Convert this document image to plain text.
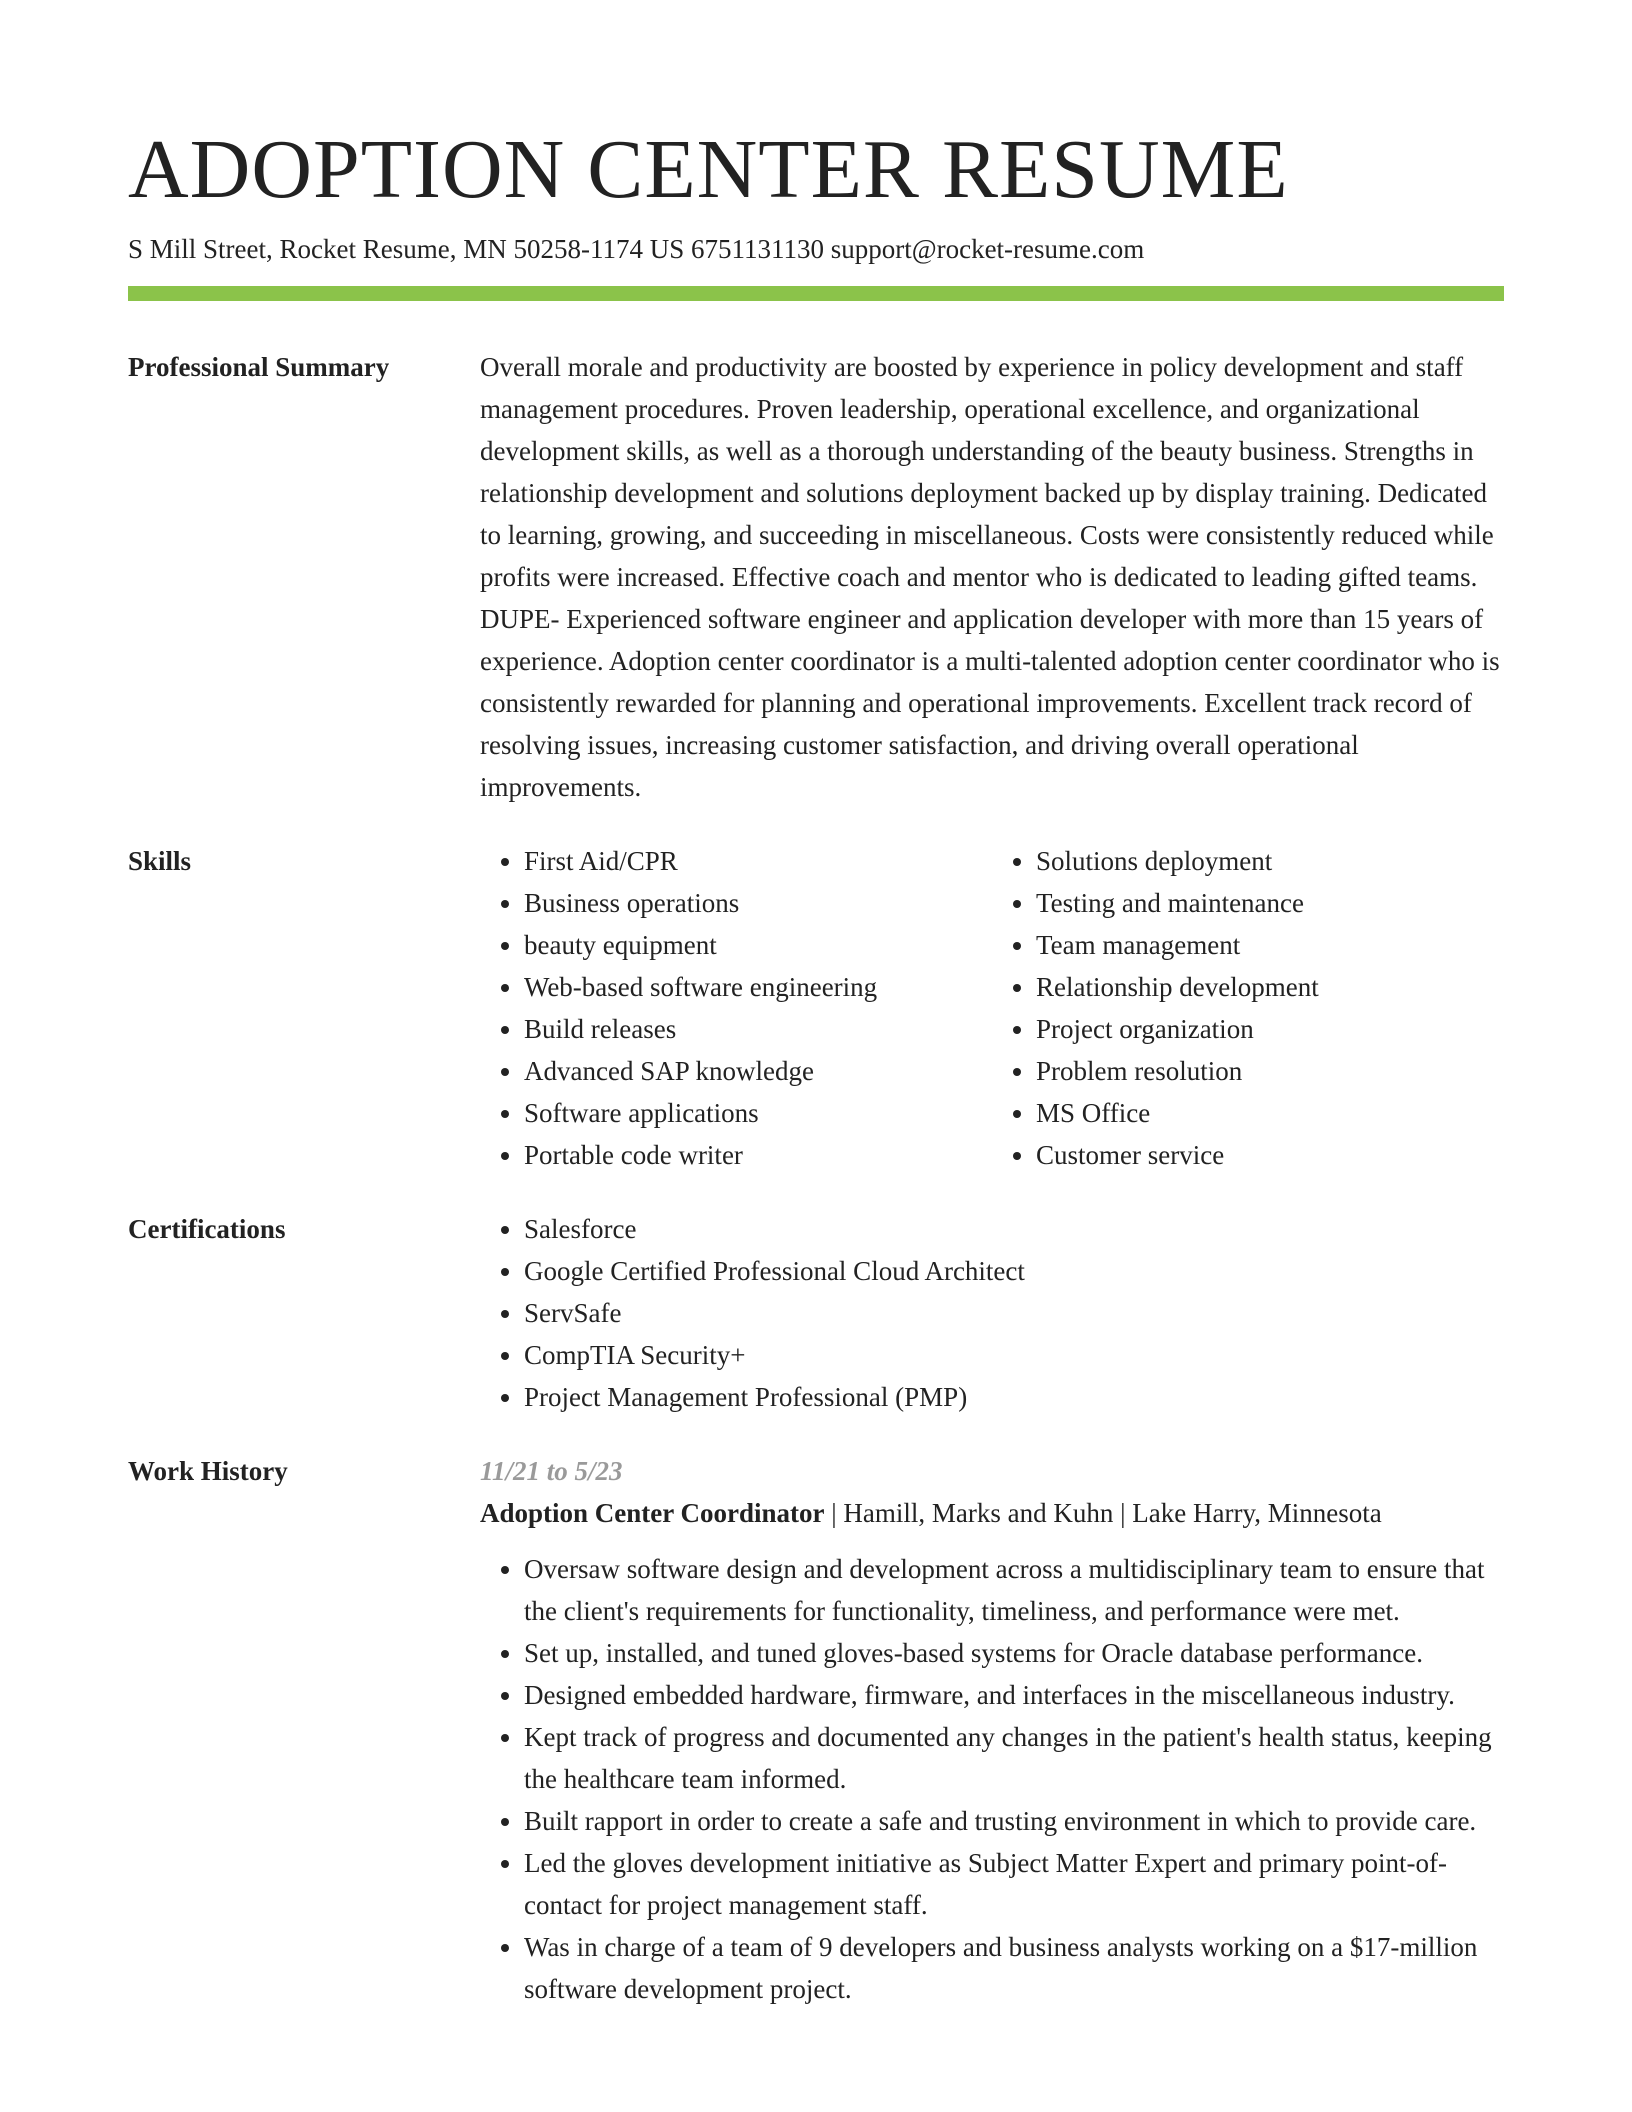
ADOPTION CENTER RESUME
S Mill Street, Rocket Resume, MN 50258-1174 US 6751131130 support@rocket-resume.com
Professional Summary	Overall morale and productivity are boosted by experience in policy development and staff management procedures. Proven leadership, operational excellence, and organizational development skills, as well as a thorough understanding of the beauty business. Strengths in relationship development and solutions deployment backed up by display training. Dedicated to learning, growing, and succeeding in miscellaneous. Costs were consistently reduced while profits were increased. Effective coach and mentor who is dedicated to leading gifted teams. DUPE- Experienced software engineer and application developer with more than 15 years of experience. Adoption center coordinator is a multi-talented adoption center coordinator who is consistently rewarded for planning and operational improvements. Excellent track record of resolving issues, increasing customer satisfaction, and driving overall operational improvements.

Skills	• First Aid/CPR
• Business operations
• beauty equipment
• Web-based software engineering
• Build releases
• Advanced SAP knowledge
• Software applications
• Portable code writer
• Solutions deployment
• Testing and maintenance
• Team management
• Relationship development
• Project organization
• Problem resolution
• MS Office
• Customer service
Certifications	• Salesforce
• Google Certified Professional Cloud Architect
• ServSafe
• CompTIA Security+
• Project Management Professional (PMP)
Work History	11/21 to 5/23
Adoption Center Coordinator | Hamill, Marks and Kuhn | Lake Harry, Minnesota
• Oversaw software design and development across a multidisciplinary team to ensure that the client's requirements for functionality, timeliness, and performance were met.
• Set up, installed, and tuned gloves-based systems for Oracle database performance.
• Designed embedded hardware, firmware, and interfaces in the miscellaneous industry.
• Kept track of progress and documented any changes in the patient's health status, keeping the healthcare team informed.
• Built rapport in order to create a safe and trusting environment in which to provide care.
• Led the gloves development initiative as Subject Matter Expert and primary point-of-contact for project management staff.
• Was in charge of a team of 9 developers and business analysts working on a $17-million software development project.
